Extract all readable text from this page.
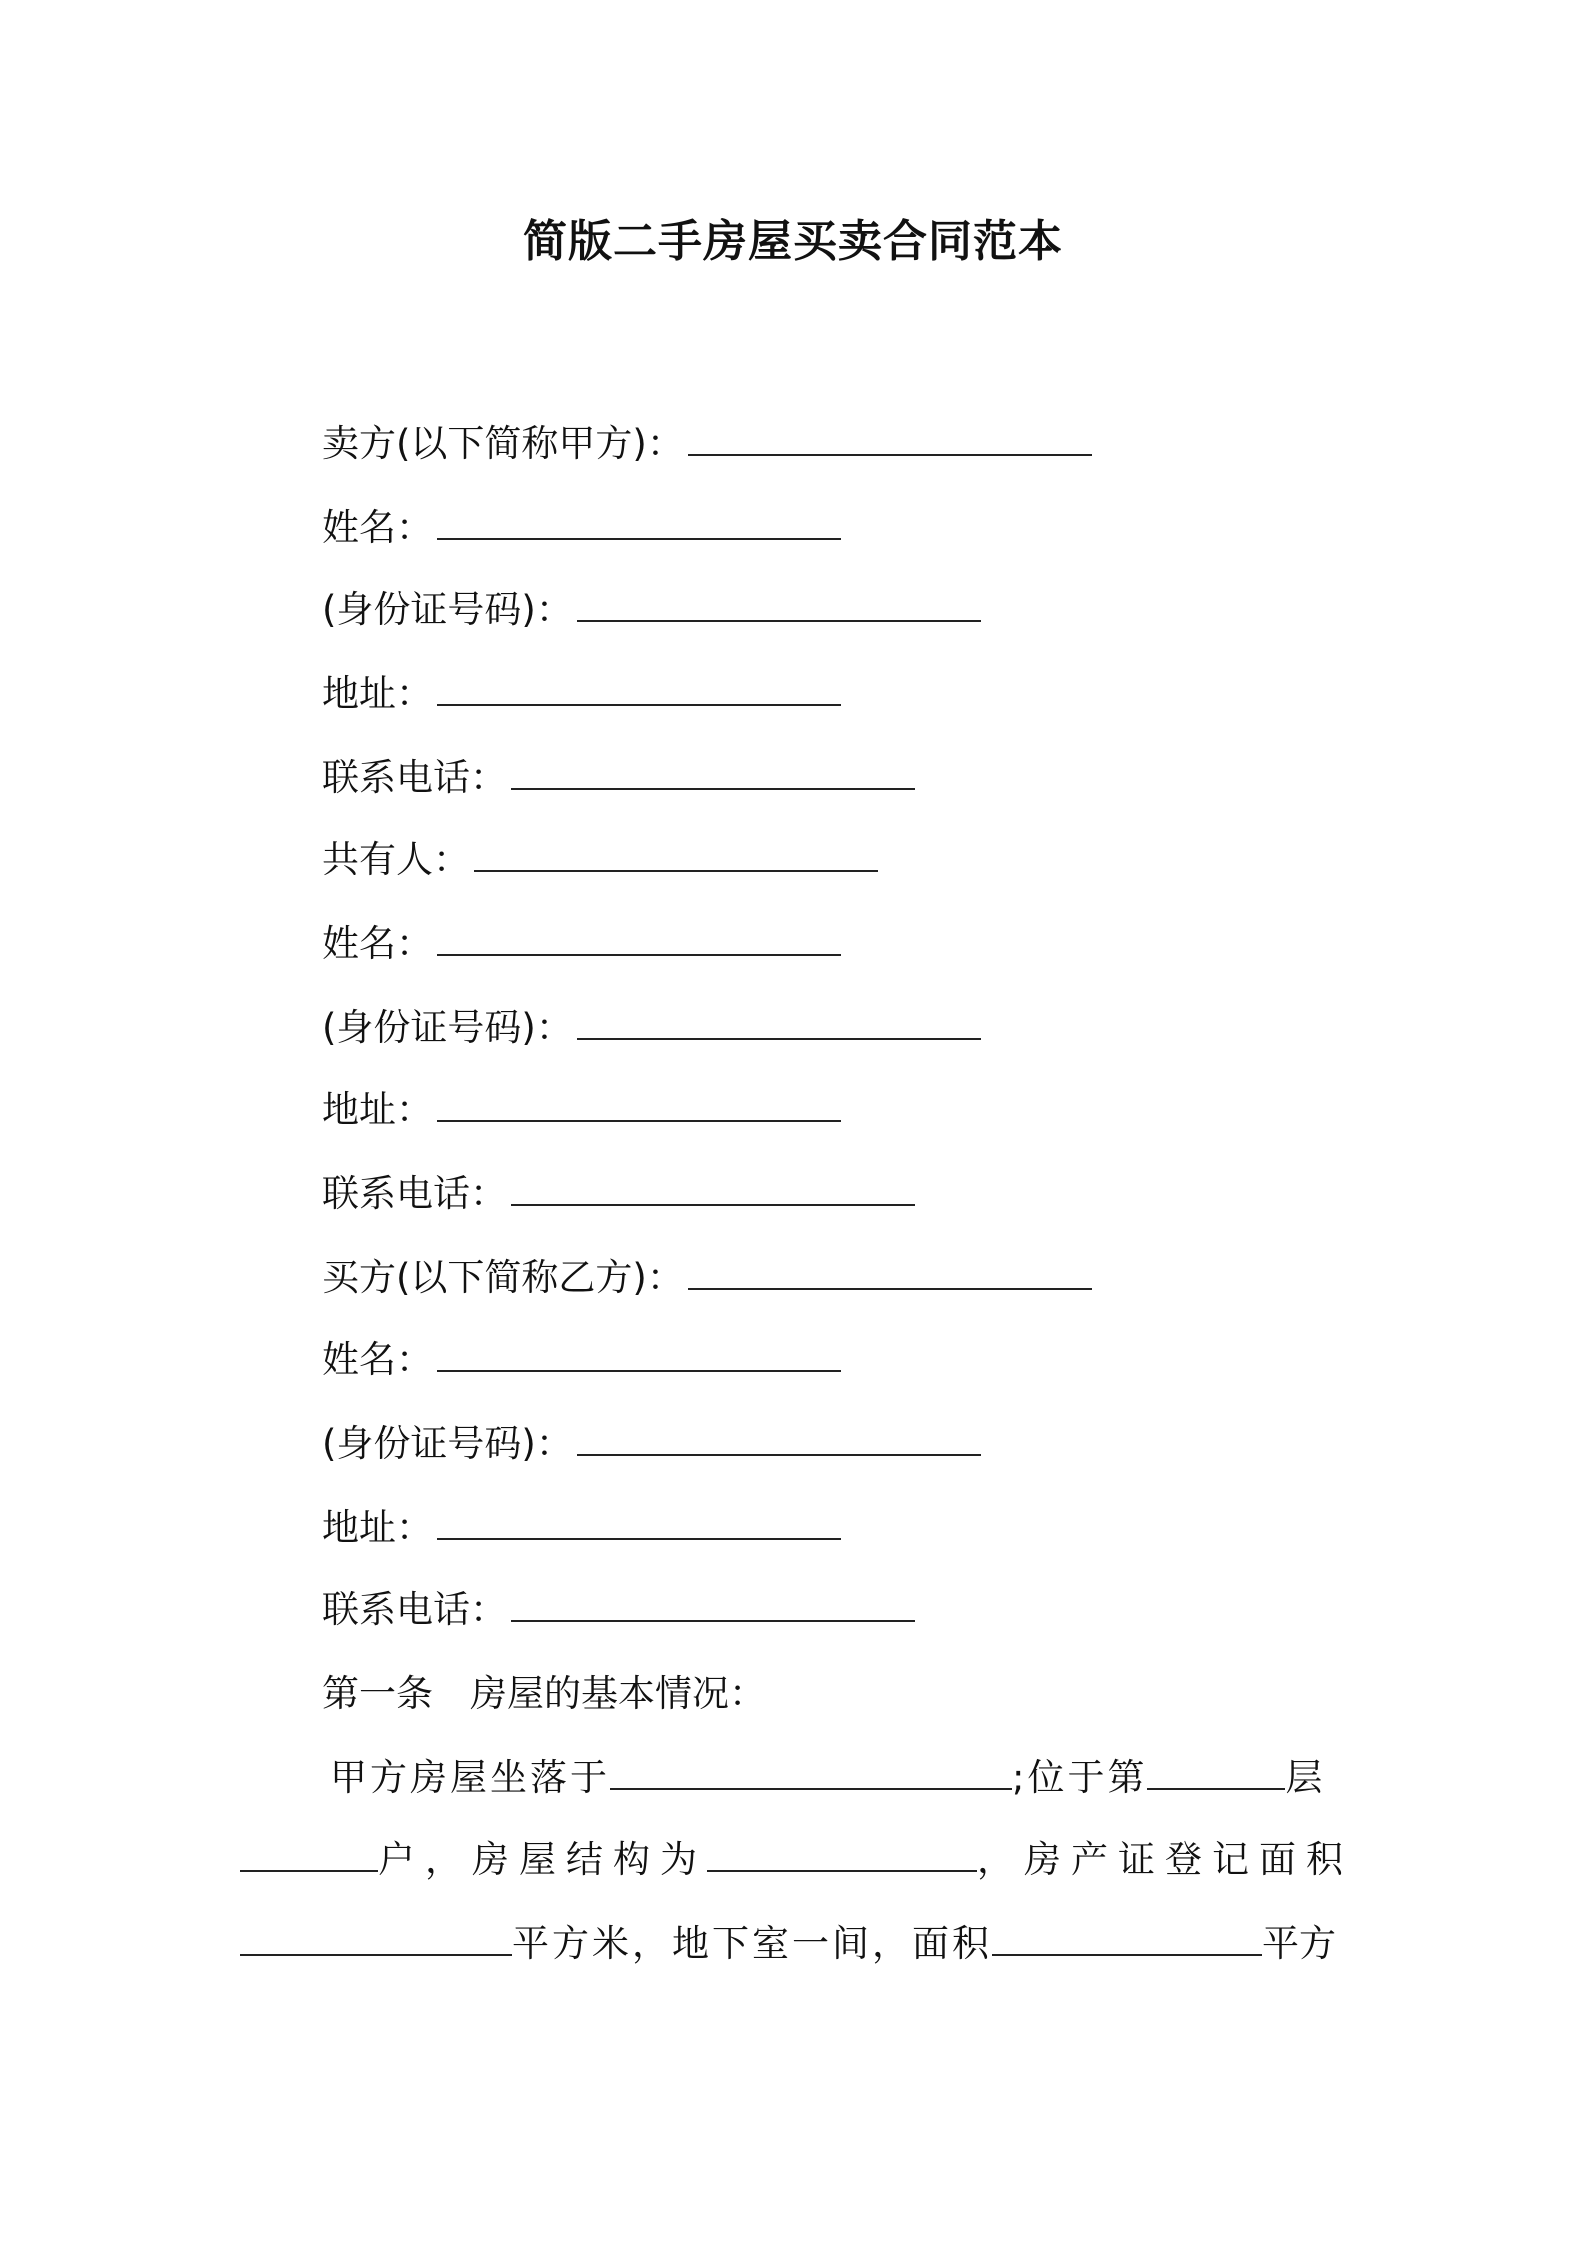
简版二手房屋买卖合同范本
卖方(以下简称甲方)：
姓名：
(身份证号码)：
地址：
联系电话：
共有人：
姓名：
(身份证号码)：
地址：
联系电话：
买方(以下简称乙方)：
姓名：
(身份证号码)：
地址：
联系电话：
第一条　房屋的基本情况：
甲方房屋坐落于	;位于第	层
户，房屋结构为	，房产证登记面积
平方米，地下室一间，面积	平方
